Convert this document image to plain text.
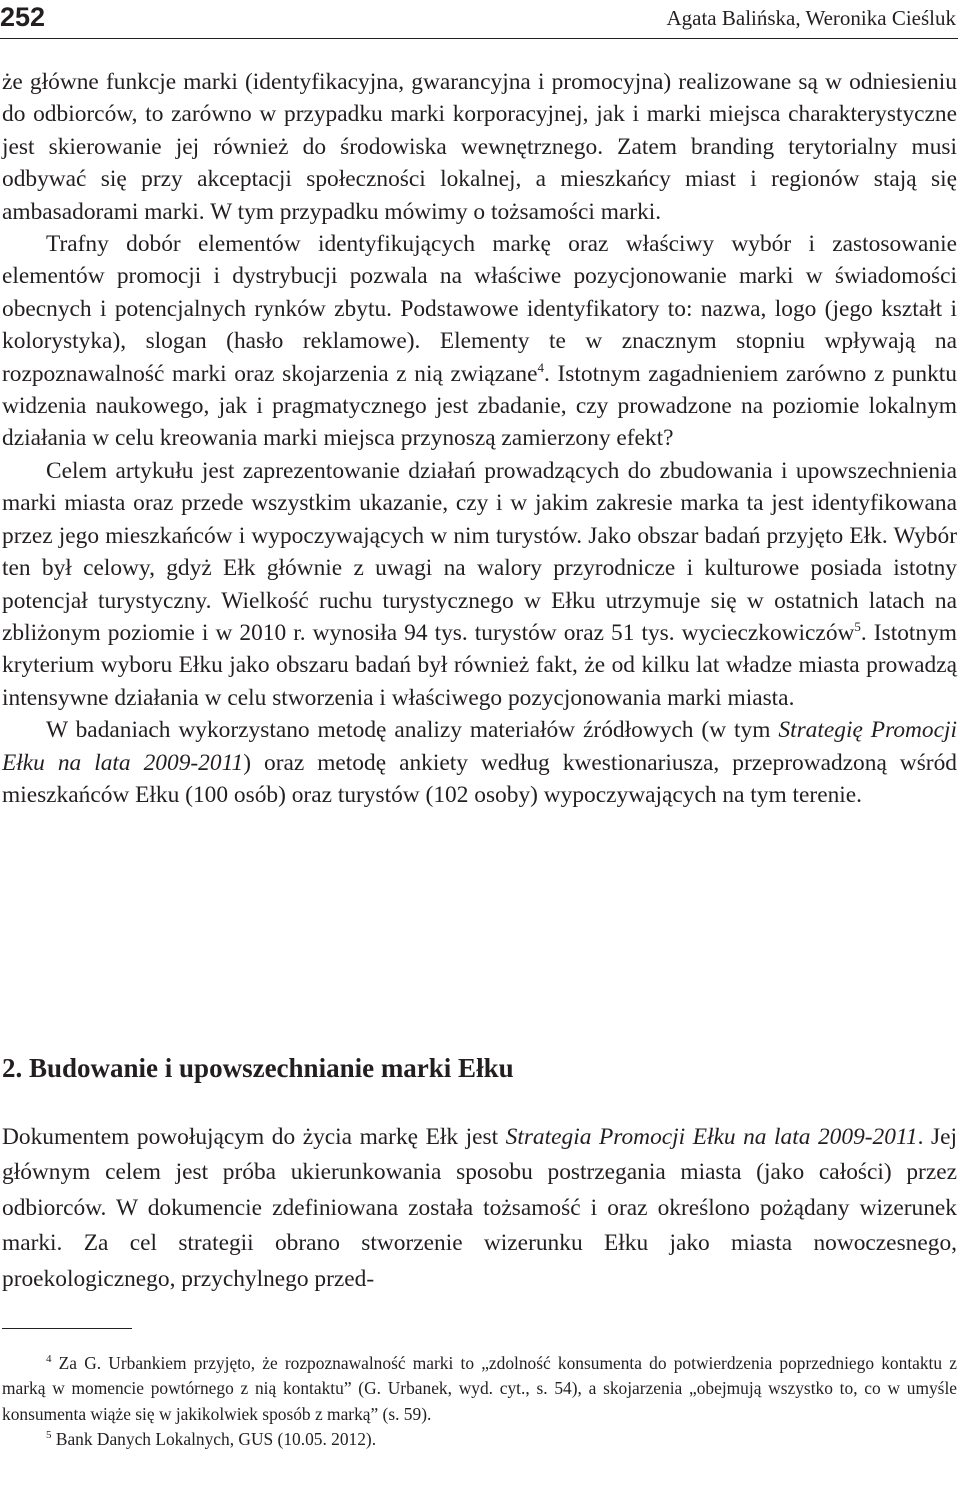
252	Agata Balińska, Weronika Cieśluk

że główne funkcje marki (identyfikacyjna, gwarancyjna i promocyjna) realizowane są w odniesieniu do odbiorców, to zarówno w przypadku marki korporacyjnej, jak i marki miejsca charakterystyczne jest skierowanie jej również do środowiska wewnętrznego. Zatem branding terytorialny musi odbywać się przy akceptacji społeczności lokalnej, a mieszkańcy miast i regionów stają się ambasadorami marki. W tym przypadku mówimy o tożsamości marki.

Trafny dobór elementów identyfikujących markę oraz właściwy wybór i zastosowanie elementów promocji i dystrybucji pozwala na właściwe pozycjonowanie marki w świadomości obecnych i potencjalnych rynków zbytu. Podstawowe identyfikatory to: nazwa, logo (jego kształt i kolorystyka), slogan (hasło reklamowe). Elementy te w znacznym stopniu wpływają na rozpoznawalność marki oraz skojarzenia z nią związane$^4$. Istotnym zagadnieniem zarówno z punktu widzenia naukowego, jak i pragmatycznego jest zbadanie, czy prowadzone na poziomie lokalnym działania w celu kreowania marki miejsca przynoszą zamierzony efekt?

Celem artykułu jest zaprezentowanie działań prowadzących do zbudowania i upowszechnienia marki miasta oraz przede wszystkim ukazanie, czy i w jakim zakresie marka ta jest identyfikowana przez jego mieszkańców i wypoczywających w nim turystów. Jako obszar badań przyjęto Ełk. Wybór ten był celowy, gdyż Ełk głównie z uwagi na walory przyrodnicze i kulturowe posiada istotny potencjał turystyczny. Wielkość ruchu turystycznego w Ełku utrzymuje się w ostatnich latach na zbliżonym poziomie i w 2010 r. wynosiła 94 tys. turystów oraz 51 tys. wycieczkowiczów$^5$. Istotnym kryterium wyboru Ełku jako obszaru badań był również fakt, że od kilku lat władze miasta prowadzą intensywne działania w celu stworzenia i właściwego pozycjonowania marki miasta.

W badaniach wykorzystano metodę analizy materiałów źródłowych (w tym Strategię Promocji Ełku na lata 2009-2011) oraz metodę ankiety według kwestionariusza, przeprowadzoną wśród mieszkańców Ełku (100 osób) oraz turystów (102 osoby) wypoczywających na tym terenie.

2. Budowanie i upowszechnianie marki Ełku

Dokumentem powołującym do życia markę Ełk jest Strategia Promocji Ełku na lata 2009-2011. Jej głównym celem jest próba ukierunkowania sposobu postrzegania miasta (jako całości) przez odbiorców. W dokumencie zdefiniowana została tożsamość i oraz określono pożądany wizerunek marki. Za cel strategii obrano stworzenie wizerunku Ełku jako miasta nowoczesnego, proekologicznego, przychylnego przed-

$^4$ Za G. Urbankiem przyjęto, że rozpoznawalność marki to „zdolność konsumenta do potwierdzenia poprzedniego kontaktu z marką w momencie powtórnego z nią kontaktu” (G. Urbanek, wyd. cyt., s. 54), a skojarzenia „obejmują wszystko to, co w umyśle konsumenta wiąże się w jakikolwiek sposób z marką” (s. 59).

$^5$ Bank Danych Lokalnych, GUS (10.05. 2012).
